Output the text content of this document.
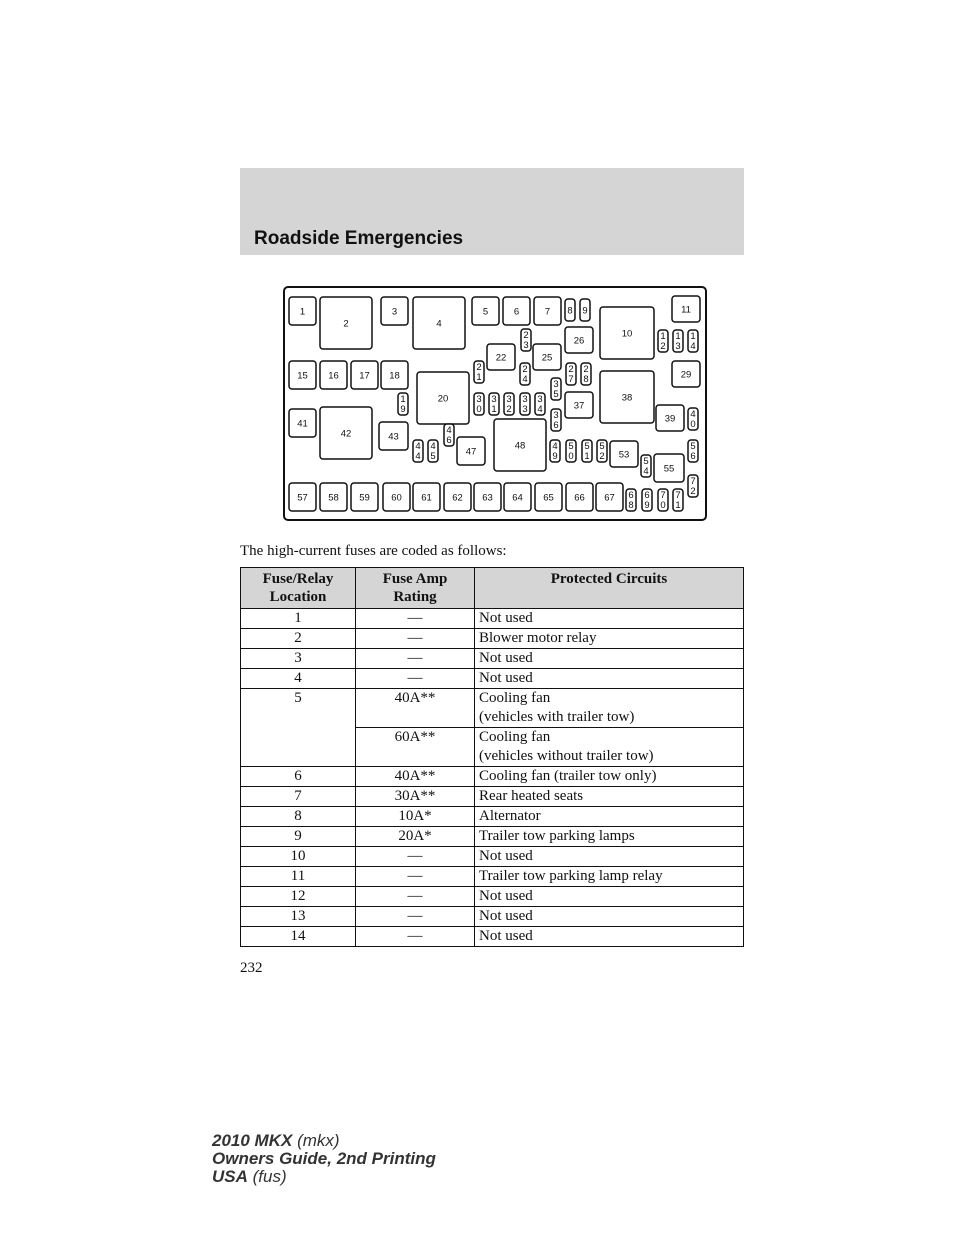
Roadside Emergencies
1
2
3
4
5	6	7 8 9
10
11
1
2
1
3
1
4
15 16 17 18
1
9
20
2
1
22
2
3
2
4
25
26
2
7
2
8	29
3
0
3
1
3
2
3
3
3
4
3
5
3
6
37
38
39 4
0
41
42	43
4
4
4
5
4
6
47
48	4
9
5
0
5
1
5
2 53
5
4 55
5
6
57 58 59 60 61 62 63 64 65 66 67 6
8
6
9
7
0
7
1
7
2
The high-current fuses are coded as follows:
Fuse/Relay Location	Fuse Amp Rating	Protected Circuits
1	—	Not used
2	—	Blower motor relay
3	—	Not used
4	—	Not used
5	40A**	Cooling fan
(vehicles with trailer tow)
	60A**	Cooling fan
(vehicles without trailer tow)
6	40A**	Cooling fan (trailer tow only)
7	30A**	Rear heated seats
8	10A*	Alternator
9	20A*	Trailer tow parking lamps
10	—	Not used
11	—	Trailer tow parking lamp relay
12	—	Not used
13	—	Not used
14	—	Not used
232
2010 MKX (mkx)
Owners Guide, 2nd Printing
USA (fus)
